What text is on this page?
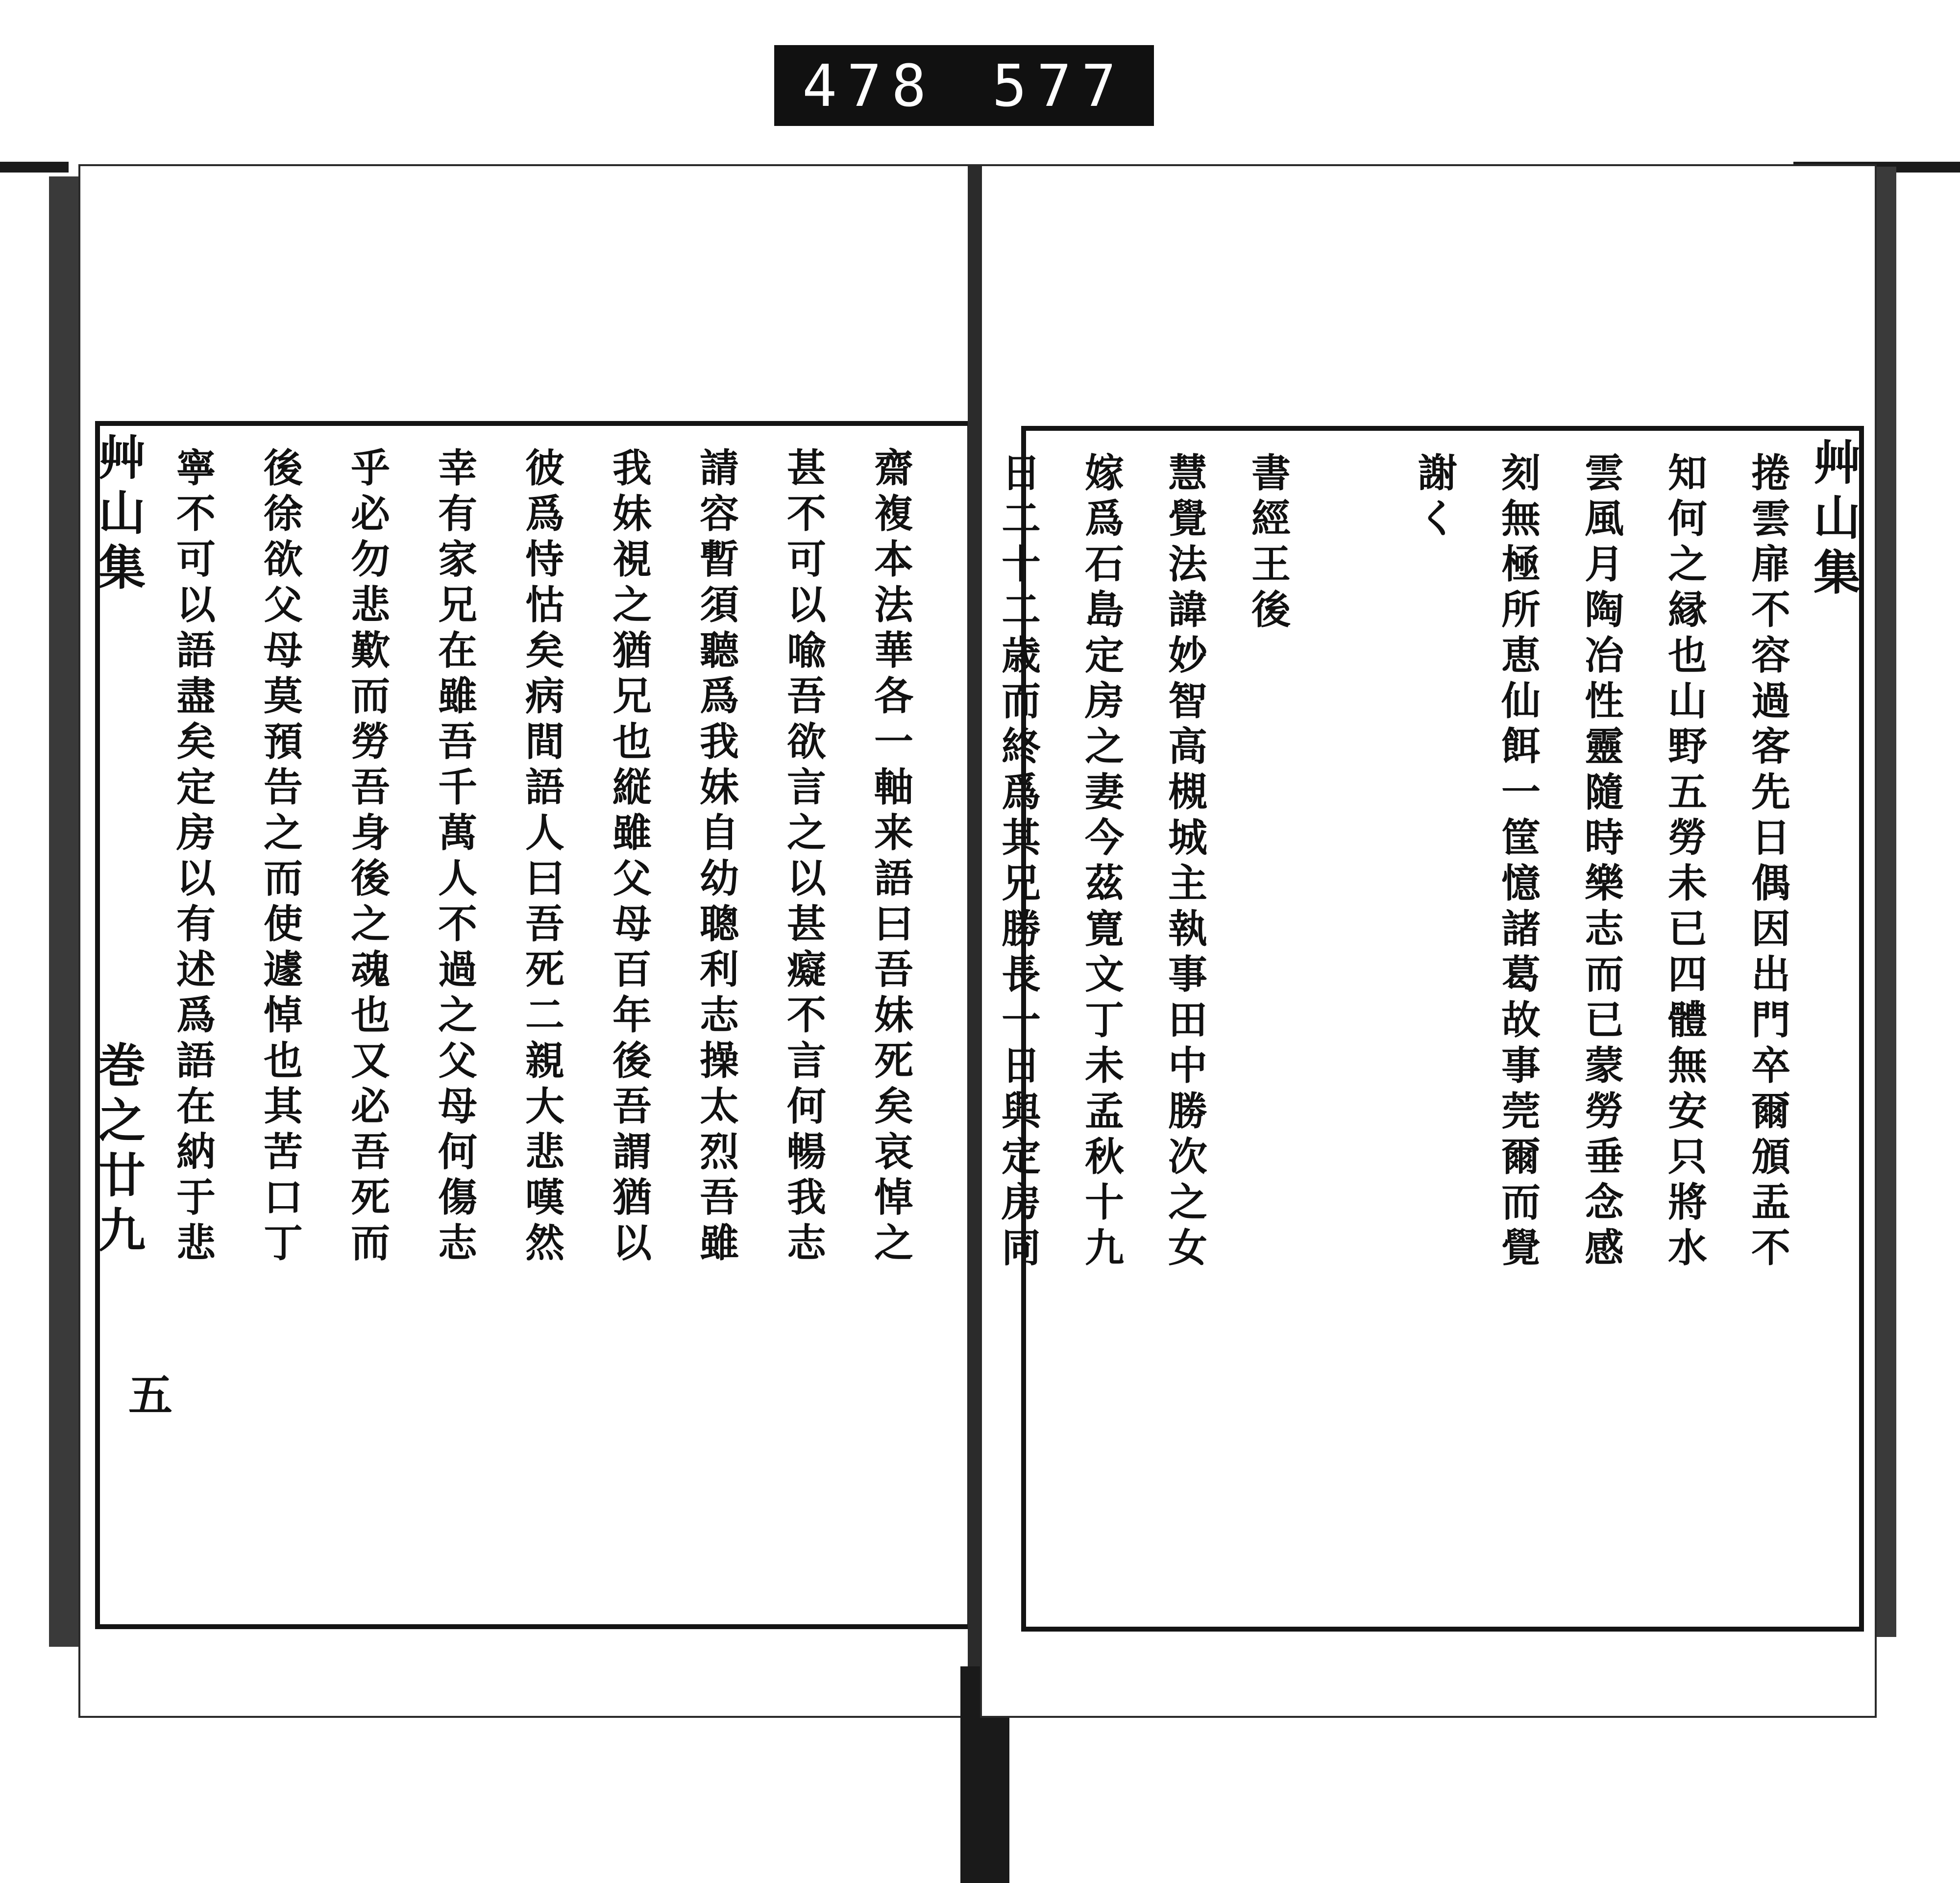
478 577
艸
山
集
巻
之
廿
九
五
齋
複
本
法
華
各
一
軸
来
語
曰
吾
妹
死
矣
哀
悼
之
甚
不
可
以
喩
吾
欲
言
之
以
甚
癡
不
言
何
暢
我
志
請
容
暫
須
聽
爲
我
妹
自
幼
聰
利
志
操
太
烈
吾
雖
我
妹
視
之
猶
兄
也
縦
雖
父
母
百
年
後
吾
謂
猶
以
彼
爲
恃
怙
矣
病
間
語
人
曰
吾
死
二
親
大
悲
嘆
然
幸
有
家
兄
在
雖
吾
千
萬
人
不
過
之
父
母
何
傷
志
乎
必
勿
悲
歎
而
勞
吾
身
後
之
魂
也
又
必
吾
死
而
後
徐
欲
父
母
莫
預
告
之
而
使
遽
悼
也
其
苦
口
丁
寧
不
可
以
語
盡
矣
定
房
以
有
述
爲
語
在
納
于
悲
艸
山
集
捲
雲
扉
不
容
過
客
先
日
偶
因
出
門
卒
爾
頒
盂
不
知
何
之
縁
也
山
野
五
勞
未
已
四
體
無
安
只
將
水
雲
風
月
陶
冶
性
靈
隨
時
樂
志
而
已
蒙
勞
垂
念
感
刻
無
極
所
恵
仙
餌
一
筐
憶
諸
葛
故
事
莞
爾
而
覺
謝
く
書
經
王
後
慧
覺
法
諱
妙
智
高
槻
城
主
執
事
田
中
勝
次
之
女
嫁
爲
石
島
定
房
之
妻
今
茲
寛
文
丁
未
孟
秋
十
九
日
二
十
二
歳
而
終
爲
其
兄
勝
長
一
日
與
定
房
同
